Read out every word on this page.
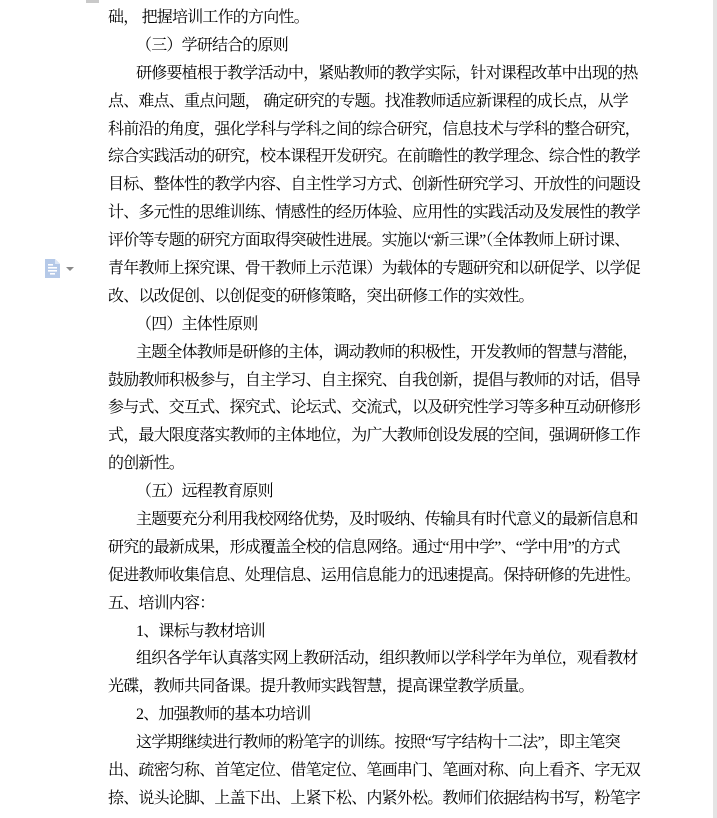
础， 把握培训工作的方向性。
（三）学研结合的原则
研修要植根于教学活动中，紧贴教师的教学实际，针对课程改革中出现的热
点、难点、重点问题， 确定研究的专题。找准教师适应新课程的成长点，从学
科前沿的角度，强化学科与学科之间的综合研究，信息技术与学科的整合研究，
综合实践活动的研究，校本课程开发研究。在前瞻性的教学理念、综合性的教学
目标、整体性的教学内容、自主性学习方式、创新性研究学习、开放性的问题设
计、多元性的思维训练、情感性的经历体验、应用性的实践活动及发展性的教学
评价等专题的研究方面取得突破性进展。实施以“新三课”（全体教师上研讨课、
青年教师上探究课、骨干教师上示范课）为载体的专题研究和以研促学、以学促
改、以改促创、以创促变的研修策略，突出研修工作的实效性。
（四）主体性原则
主题全体教师是研修的主体，调动教师的积极性，开发教师的智慧与潜能，
鼓励教师积极参与，自主学习、自主探究、自我创新，提倡与教师的对话，倡导
参与式、交互式、探究式、论坛式、交流式，以及研究性学习等多种互动研修形
式，最大限度落实教师的主体地位，为广大教师创设发展的空间，强调研修工作
的创新性。
（五）远程教育原则
主题要充分利用我校网络优势，及时吸纳、传输具有时代意义的最新信息和
研究的最新成果，形成覆盖全校的信息网络。通过“用中学”、“学中用”的方式
促进教师收集信息、处理信息、运用信息能力的迅速提高。保持研修的先进性。
五、培训内容：
1、课标与教材培训
组织各学年认真落实网上教研活动，组织教师以学科学年为单位，观看教材
光碟，教师共同备课。提升教师实践智慧，提高课堂教学质量。
2、加强教师的基本功培训
这学期继续进行教师的粉笔字的训练。按照“写字结构十二法”，即主笔突
出、疏密匀称、首笔定位、借笔定位、笔画串门、笔画对称、向上看齐、字无双
捺、说头论脚、上盖下出、上紧下松、内紧外松。教师们依据结构书写，粉笔字
